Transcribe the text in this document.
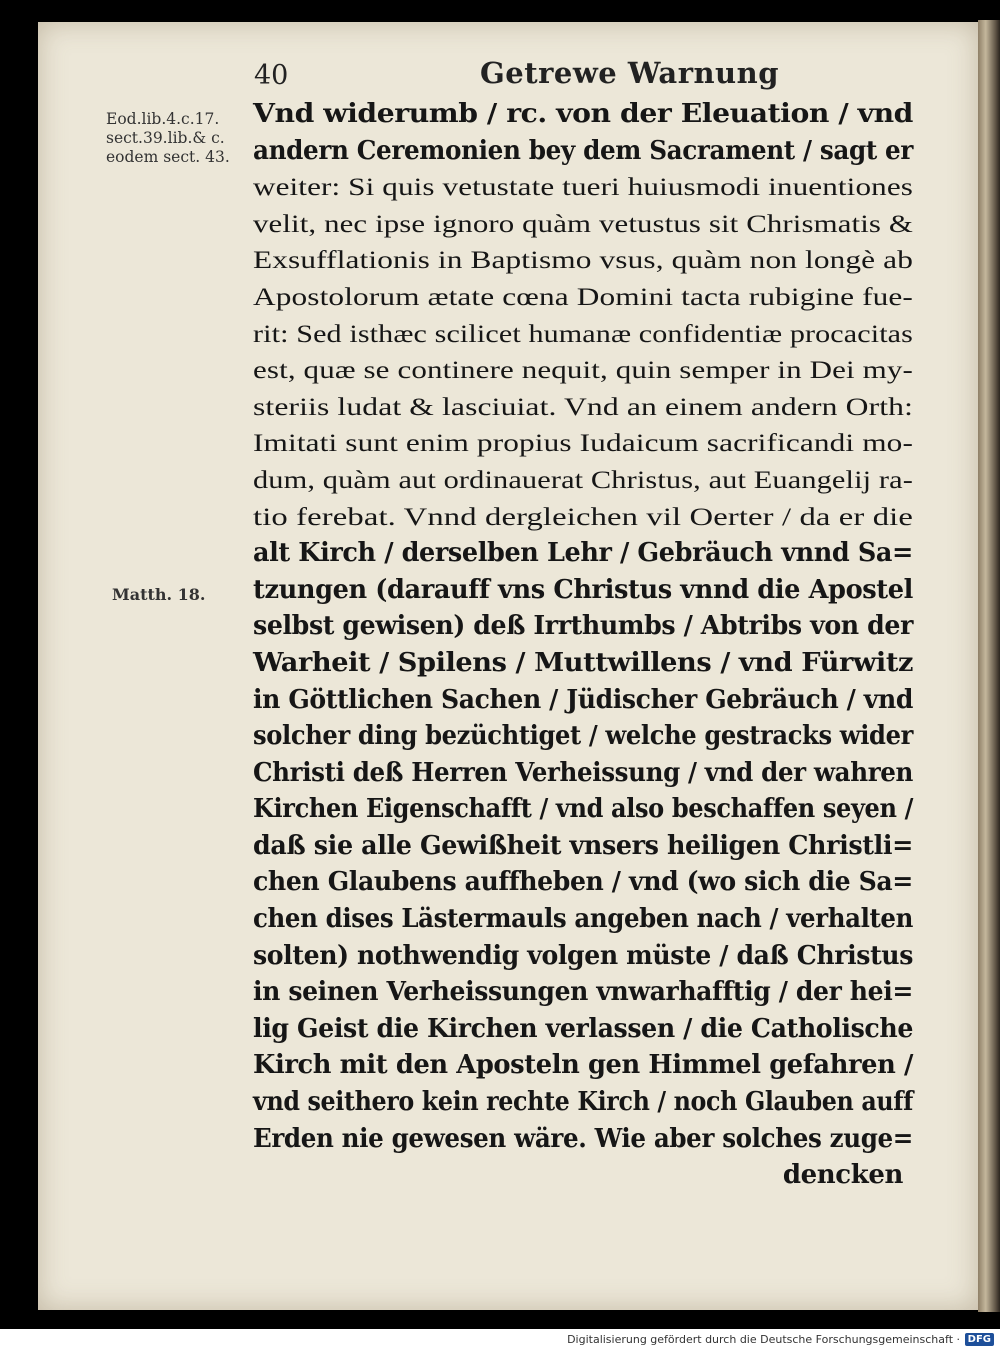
40	Getrewe Warnung
Eod.lib.4.c.17.
sect.39.lib.& c.
eodem sect. 43.
Matth. 18.
Vnd widerumb / rc. von der Eleuation / vnd
andern Ceremonien bey dem Sacrament / sagt er
weiter: Si quis vetustate tueri huiusmodi inuentiones
velit, nec ipse ignoro quàm vetustus sit Chrismatis &
Exsufflationis in Baptismo vsus, quàm non longè ab
Apostolorum ætate cœna Domini tacta rubigine fue-
rit: Sed isthæc scilicet humanæ confidentiæ procacitas
est, quæ se continere nequit, quin semper in Dei my-
steriis ludat & lasciuiat. Vnd an einem andern Orth:
Imitati sunt enim propius Iudaicum sacrificandi mo-
dum, quàm aut ordinauerat Christus, aut Euangelij ra-
tio ferebat. Vnnd dergleichen vil Oerter / da er die
alt Kirch / derselben Lehr / Gebräuch vnnd Sa=
tzungen (darauff vns Christus vnnd die Apostel
selbst gewisen) deß Irrthumbs / Abtribs von der
Warheit / Spilens / Muttwillens / vnd Fürwitz
in Göttlichen Sachen / Jüdischer Gebräuch / vnd
solcher ding bezüchtiget / welche gestracks wider
Christi deß Herren Verheissung / vnd der wahren
Kirchen Eigenschafft / vnd also beschaffen seyen /
daß sie alle Gewißheit vnsers heiligen Christli=
chen Glaubens auffheben / vnd (wo sich die Sa=
chen dises Lästermauls angeben nach / verhalten
solten) nothwendig volgen müste / daß Christus
in seinen Verheissungen vnwarhafftig / der hei=
lig Geist die Kirchen verlassen / die Catholische
Kirch mit den Aposteln gen Himmel gefahren /
vnd seithero kein rechte Kirch / noch Glauben auff
Erden nie gewesen wäre. Wie aber solches zuge=
dencken
Digitalisierung gefördert durch die Deutsche Forschungsgemeinschaft · DFG
